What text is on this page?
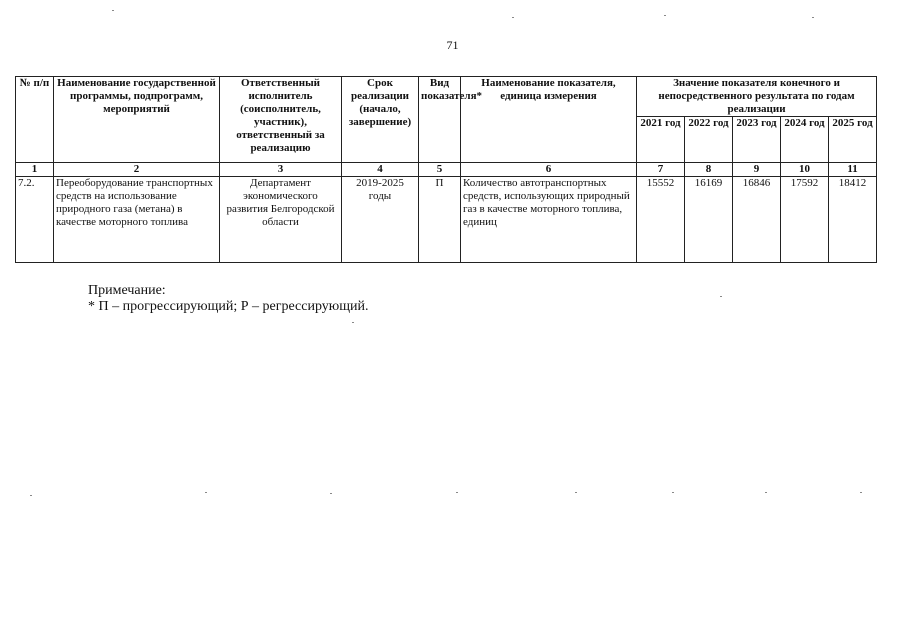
71
№ п/п	Наименование государственной программы, подпрограмм, мероприятий	Ответственный исполнитель (соисполнитель, участник), ответственный за реализацию	Срок реализации (начало, завершение)	Вид показателя*	Наименование показателя, единица измерения	Значение показателя конечного и непосредственного результата по годам реализации				
						2021 год	2022 год	2023 год	2024 год	2025 год
1	2	3	4	5	6	7	8	9	10	11
7.2.	Переоборудование транспортных средств на использование природного газа (метана) в качестве моторного топлива	Департамент экономического развития Белгородской области	2019-2025 годы	П	Количество автотранспортных средств, использующих природный газ в качестве моторного топлива, единиц	15552	16169	16846	17592	18412
Примечание:
* П – прогрессирующий; Р – регрессирующий.
